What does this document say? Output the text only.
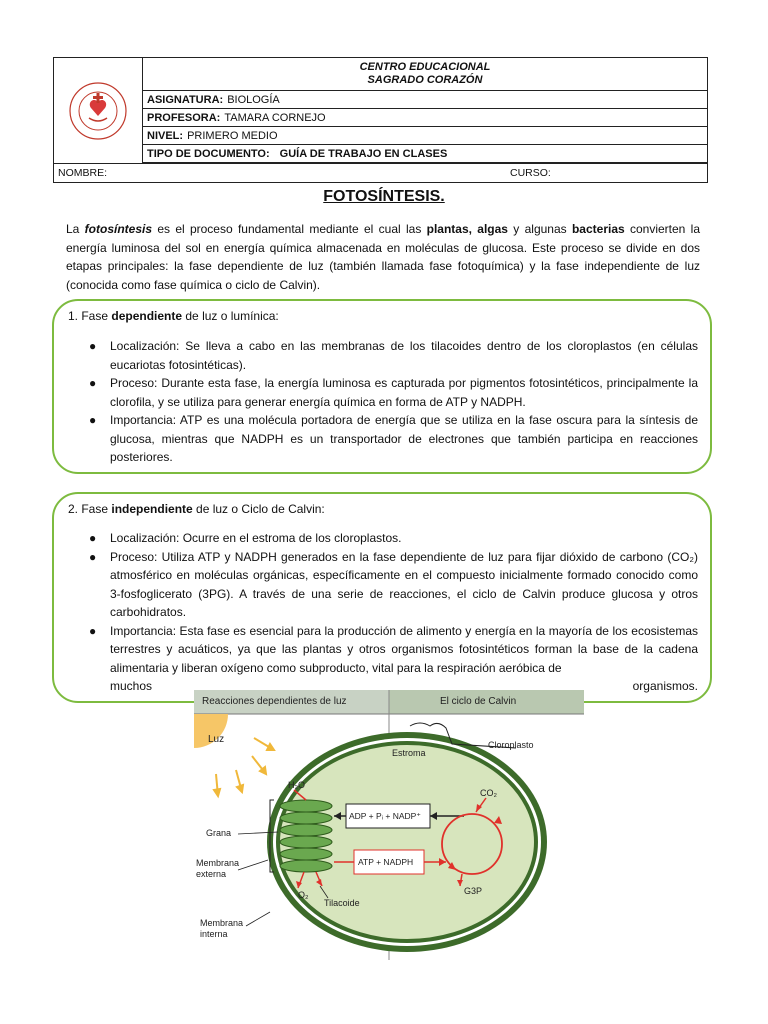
CENTRO EDUCACIONAL
SAGRADO CORAZÓN
ASIGNATURA: BIOLOGÍA
PROFESORA: TAMARA CORNEJO
NIVEL: PRIMERO MEDIO
TIPO DE DOCUMENTO: GUÍA DE TRABAJO EN CLASES
NOMBRE:	CURSO:
FOTOSÍNTESIS.
La fotosíntesis es el proceso fundamental mediante el cual las plantas, algas y algunas bacterias convierten la energía luminosa del sol en energía química almacenada en moléculas de glucosa. Este proceso se divide en dos etapas principales: la fase dependiente de luz (también llamada fase fotoquímica) y la fase independiente de luz (conocida como fase química o ciclo de Calvin).
1. Fase dependiente de luz o lumínica:
● Localización: Se lleva a cabo en las membranas de los tilacoides dentro de los cloroplastos (en células eucariotas fotosintéticas).
● Proceso: Durante esta fase, la energía luminosa es capturada por pigmentos fotosintéticos, principalmente la clorofila, y se utiliza para generar energía química en forma de ATP y NADPH.
● Importancia: ATP es una molécula portadora de energía que se utiliza en la fase oscura para la síntesis de glucosa, mientras que NADPH es un transportador de electrones que también participa en reacciones posteriores.
2. Fase independiente de luz o Ciclo de Calvin:
● Localización: Ocurre en el estroma de los cloroplastos.
● Proceso: Utiliza ATP y NADPH generados en la fase dependiente de luz para fijar dióxido de carbono (CO₂) atmosférico en moléculas orgánicas, específicamente en el compuesto inicialmente formado conocido como 3-fosfoglicerato (3PG). A través de una serie de reacciones, el ciclo de Calvin produce glucosa y otros carbohidratos.
● Importancia: Esta fase es esencial para la producción de alimento y energía en la mayoría de los ecosistemas terrestres y acuáticos, ya que las plantas y otros organismos fotosintéticos forman la base de la cadena alimentaria y liberan oxígeno como subproducto, vital para la respiración aeróbica de
muchos	organismos.
Reacciones dependientes de luz	El ciclo de Calvin
Luz	Cloroplasto
Estroma
H₂O
CO₂
ADP + Pᵢ + NADP⁺
ATP + NADPH
Grana
Membrana externa
O₂
Tilacoide
G3P
Membrana interna
